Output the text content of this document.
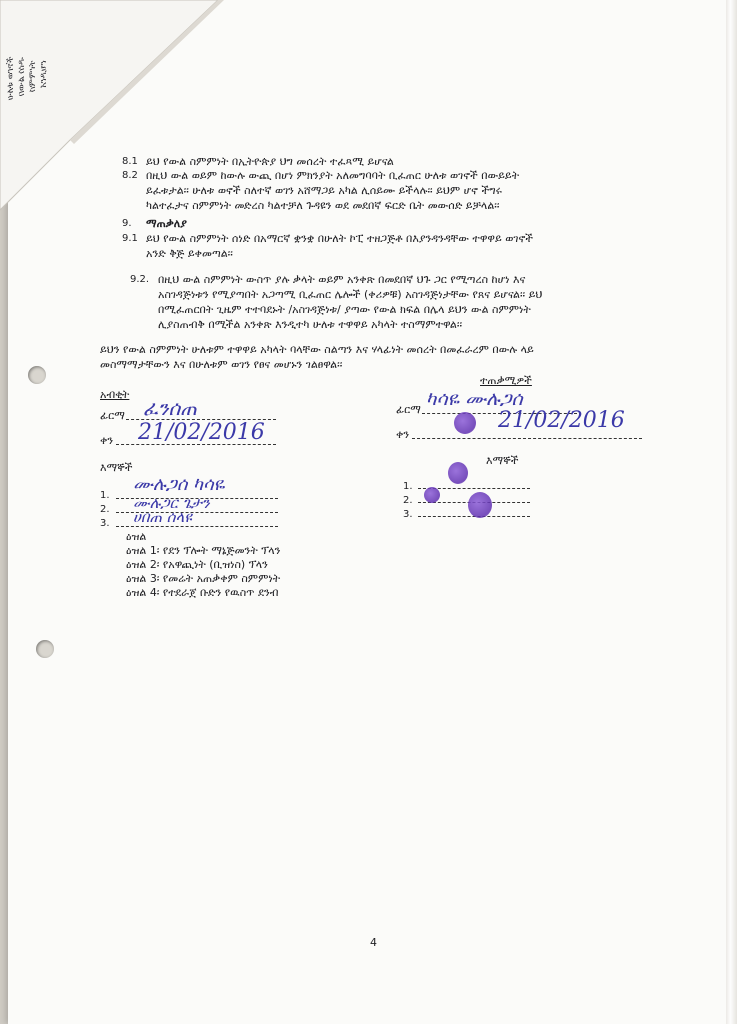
8.1 ይህ የውል ስምምነት በኢትዮጵያ ህግ መሰረት ተፈጻሚ ይሆናል
8.2 በዚህ ውል ወይም ከውሉ ውጪ በሆነ ምክንያት አለመግባባት ቢፈጠር ሁለቱ ወገኖች በውይይት
ይፈቱታል፡፡ ሁለቱ ወኖች ስለተኛ ወገን አሸማጋይ አካል ሊሰይሙ ይችላሉ፡፡ ይህም ሆኖ ችግሩ
ካልተፈታና ስምምነት መድረስ ካልተቻለ ጉዳዩን ወደ መደበኛ ፍርድ ቤት መውሰድ ይቻላል፡፡
9. ማጠቃለያ
9.1 ይህ የውል ስምምነት ሰነድ በአማርኛ ቋንቋ በሁለት ኮፒ ተዘጋጅቶ በእያንዳንዳቸው ተዋዋይ ወገኖች
አንድ ቅጅ ይቀመጣል፡፡
9.2. በዚህ ውል ስምምነት ውስጥ ያሉ ቃላት ወይም አንቀጽ በመደበኛ ህጉ ጋር የሚጣረስ ከሆነ እና
አስገዳጅነቱን የሚያጣበት አጋጣሚ ቢፈጠር ሌሎች (ቀሪዎቹ) አስገዳጅነታቸው የጸና ይሆናል፡፡ ይህ
በሚፈጠርበት ጊዜም ተተባደኑት /አስገዳጅነቱ/ ያጣው የውል ክፍል በሌላ ይህን ውል ስምምነት
ሊያስጠብቅ በሚችል አንቀጽ እንዲተካ ሁለቱ ተዋዋይ አካላት ተስማምተዋል፡፡
ይህን የውል ስምምነት ሁለቱም ተዋዋይ አካላት ባላቸው ስልጣን እና ሃላፊነት መሰረት በመፈራረም በውሉ ላይ
መስማማታቸውን እና በሁለቱም ወገን የፀና መሆኑን ገልፀዋል፡፡
አብቂት
ፊርማ ፈንሰጠ
ቀን 21/02/2016
ተጠቃሚዎች
ፊርማ ካሳዬ ሙሉጋሰ
ቀን
21/02/2016
እማኞች
1.
ሙሉጋሰ ካሳዬ
2. ሙሉጋር ጌታን
3. ሀበጠ ሰላዩ
እማኞች
1.
2.
3.
ዕዝል
ዕዝል 1፡ የደን ፕሎት ማኔጅመንት ፕላን
ዕዝል 2፡ የአዋጪነት (ቢዝነስ) ፕላን
ዕዝል 3፡ የመሬት አጠቃቀም ስምምነት
ዕዝል 4፡ የተደራጀ ቡድን የዉስጥ ደንብ
4
ሁለቱ ወገኖች
በውል ሰነዱ
ስምምነት
እንዲሆን
